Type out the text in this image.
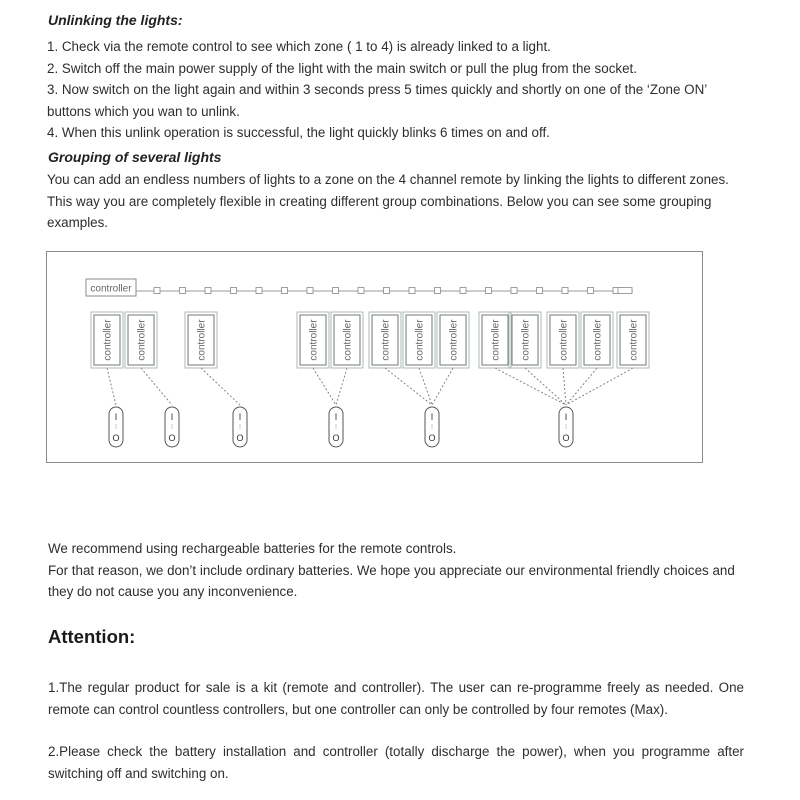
Unlinking the lights:

1. Check via the remote control to see which zone ( 1 to 4) is already linked to a light.

2. Switch off the main power supply of the light with the main switch or pull the plug from the socket.

3. Now switch on the light again and within 3 seconds press 5 times quickly and shortly on one of the ‘Zone ON’ buttons which you wan to unlink.

4. When this unlink operation is successful, the light quickly blinks 6 times on and off.

Grouping of several lights

You can add an endless numbers of lights to a zone on the 4 channel remote by linking the lights to different zones. This way you are completely flexible in creating different group combinations. Below you can see some grouping examples.

controller
controller controller	controller	controller controller	controller controller controller	controller controller	controller controller	controller
I
O
I
O
I
O
I
O
I
O
I
O

We recommend using rechargeable batteries for the remote controls.

For that reason, we don’t include ordinary batteries. We hope you appreciate our environmental friendly choices and they do not cause you any inconvenience.

Attention:

1.The regular product for sale is a kit (remote and controller). The user can re-programme freely as needed. One remote can control countless controllers, but one controller can only be controlled by four remotes (Max).

2.Please check the battery installation and controller (totally discharge the power), when you programme after switching off and switching on.
